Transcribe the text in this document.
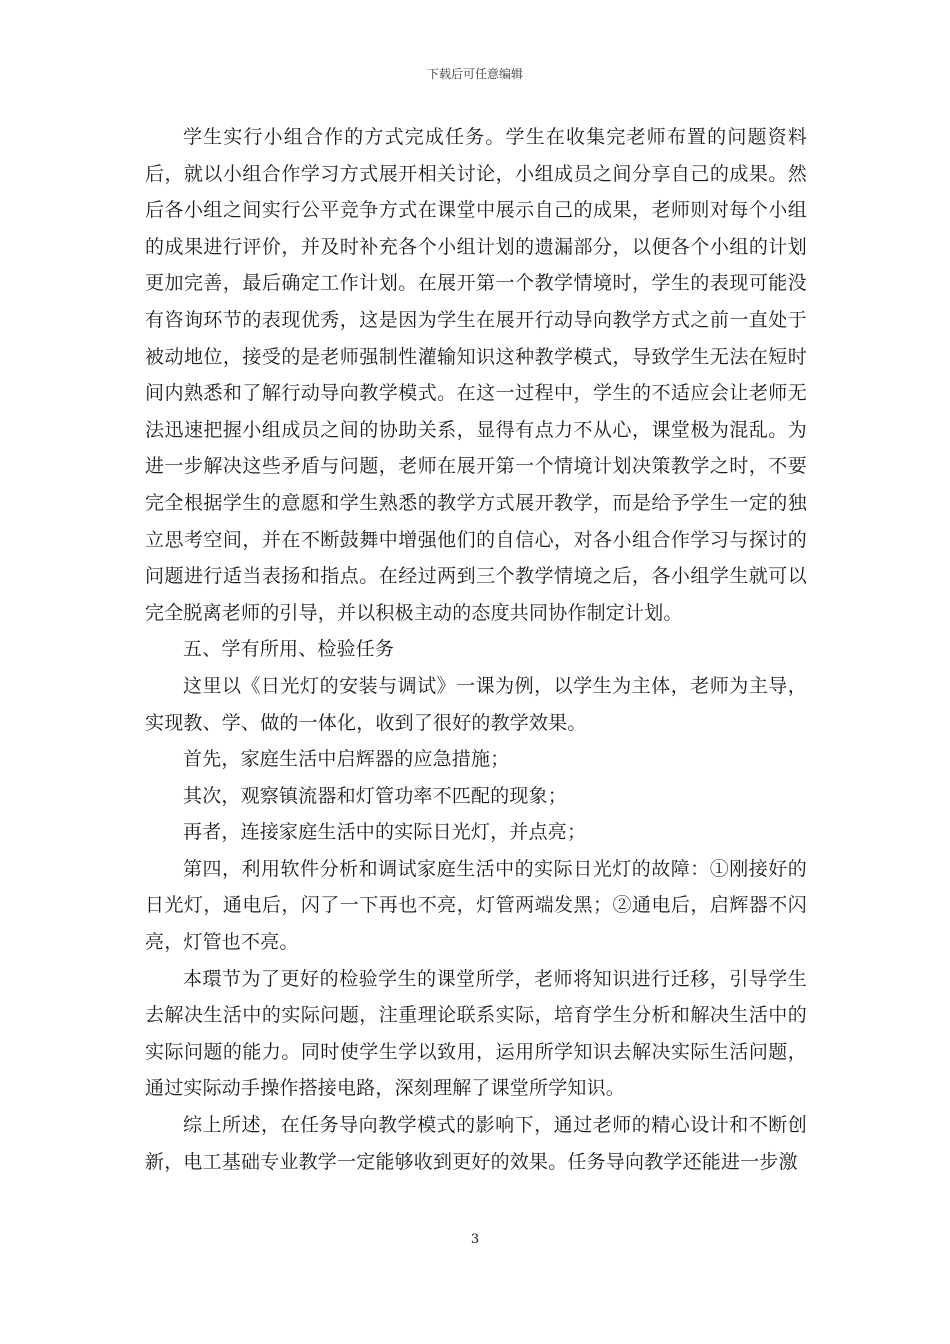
下载后可任意编辑

学生实行小组合作的方式完成任务。学生在收集完老师布置的问题资料后，就以小组合作学习方式展开相关讨论，小组成员之间分享自己的成果。然后各小组之间实行公平竞争方式在课堂中展示自己的成果，老师则对每个小组的成果进行评价，并及时补充各个小组计划的遗漏部分，以便各个小组的计划更加完善，最后确定工作计划。在展开第一个教学情境时，学生的表现可能没有咨询环节的表现优秀，这是因为学生在展开行动导向教学方式之前一直处于被动地位，接受的是老师强制性灌输知识这种教学模式，导致学生无法在短时间内熟悉和了解行动导向教学模式。在这一过程中，学生的不适应会让老师无法迅速把握小组成员之间的协助关系，显得有点力不从心，课堂极为混乱。为进一步解决这些矛盾与问题，老师在展开第一个情境计划决策教学之时，不要完全根据学生的意愿和学生熟悉的教学方式展开教学，而是给予学生一定的独立思考空间，并在不断鼓舞中增强他们的自信心，对各小组合作学习与探讨的问题进行适当表扬和指点。在经过两到三个教学情境之后，各小组学生就可以完全脱离老师的引导，并以积极主动的态度共同协作制定计划。

五、学有所用、检验任务

这里以《日光灯的安装与调试》一课为例，以学生为主体，老师为主导，实现教、学、做的一体化，收到了很好的教学效果。

首先，家庭生活中启辉器的应急措施；

其次，观察镇流器和灯管功率不匹配的现象；

再者，连接家庭生活中的实际日光灯，并点亮；

第四，利用软件分析和调试家庭生活中的实际日光灯的故障：①刚接好的日光灯，通电后，闪了一下再也不亮，灯管两端发黑；②通电后，启辉器不闪亮，灯管也不亮。

本環节为了更好的检验学生的课堂所学，老师将知识进行迁移，引导学生去解决生活中的实际问题，注重理论联系实际，培育学生分析和解决生活中的实际问题的能力。同时使学生学以致用，运用所学知识去解决实际生活问题，通过实际动手操作搭接电路，深刻理解了课堂所学知识。

综上所述，在任务导向教学模式的影响下，通过老师的精心设计和不断创新，电工基础专业教学一定能够收到更好的效果。任务导向教学还能进一步激

3
